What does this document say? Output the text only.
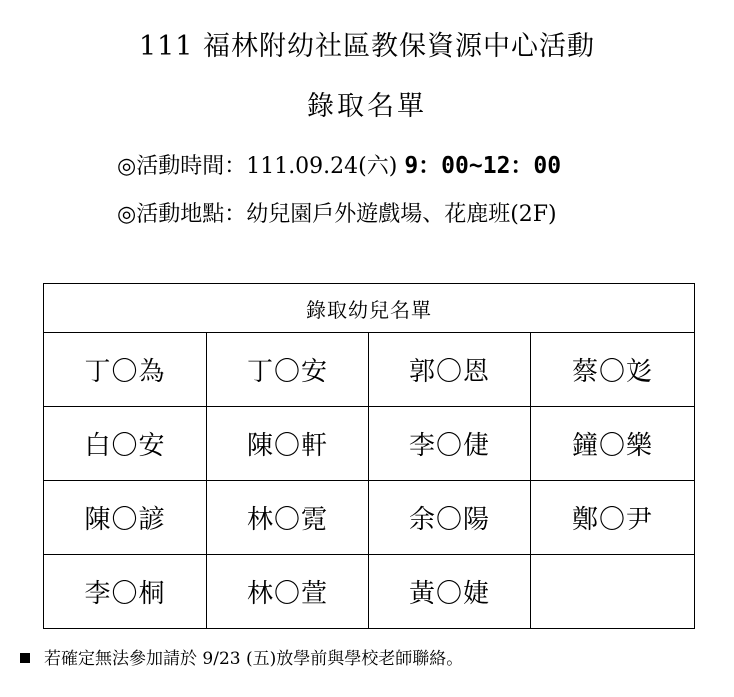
111 福林附幼社區教保資源中心活動
錄取名單
◎活動時間：111.09.24(六) 9：00~12：00
◎活動地點：幼兒園戶外遊戲場、花鹿班(2F)
錄取幼兒名單			
丁〇為	丁〇安	郭〇恩	蔡〇彣
白〇安	陳〇軒	李〇倢	鐘〇樂
陳〇諺	林〇霓	余〇陽	鄭〇尹
李〇桐	林〇萱	黃〇婕	
若確定無法參加請於 9/23 (五)放學前與學校老師聯絡。
